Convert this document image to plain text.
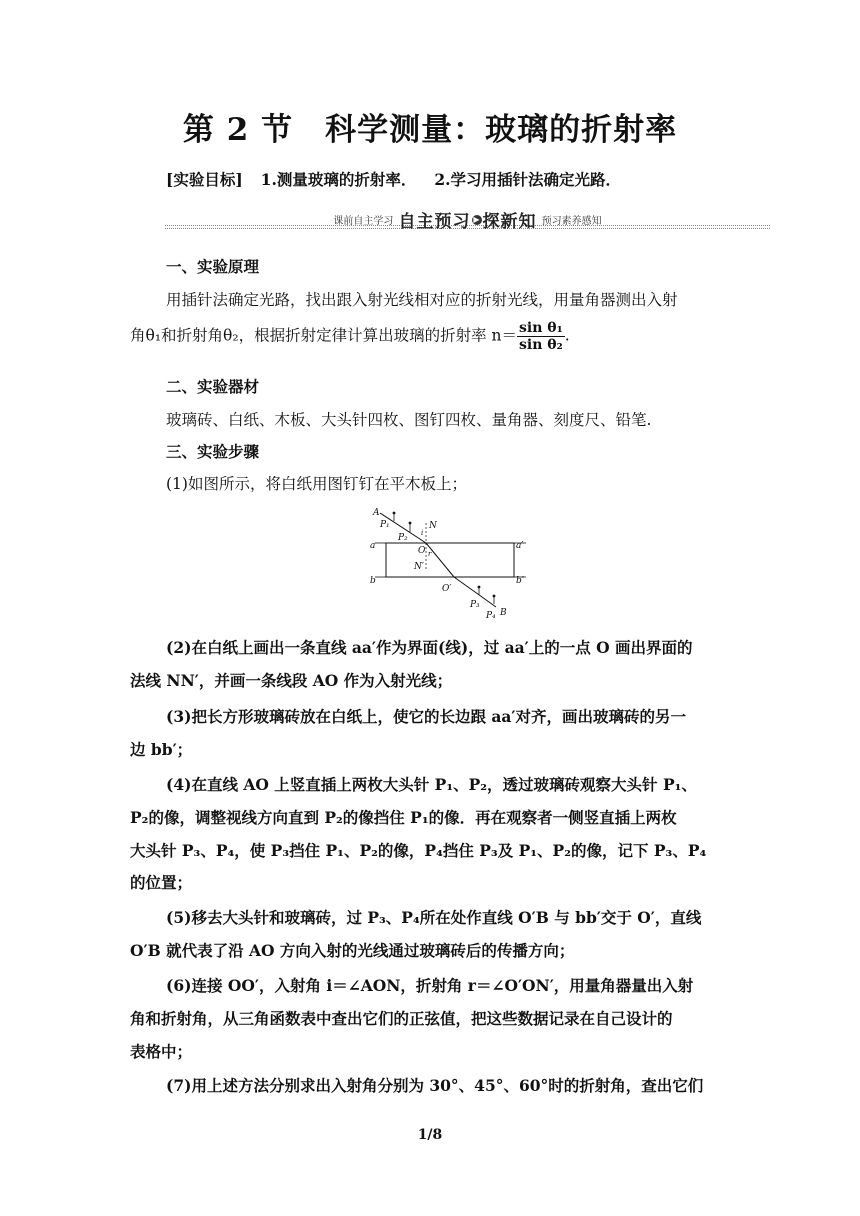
第 2 节　科学测量：玻璃的折射率
[实验目标] 1.测量玻璃的折射率． 2.学习用插针法确定光路．
课前自主学习 自主预习 ▶ 探新知 预习素养感知
一、实验原理
用插针法确定光路，找出跟入射光线相对应的折射光线，用量角器测出入射
角θ₁和折射角θ₂，根据折射定律计算出玻璃的折射率 $n= \frac{\text{sin θ₁}}{\text{sin θ₂}}$ .
二、实验器材
玻璃砖、白纸、木板、大头针四枚、图钉四枚、量角器、刻度尺、铅笔.
三、实验步骤
(1)如图所示，将白纸用图钉钉在平木板上；
A
P₁
P₂ i
N
a	a′
O r
N′
b	b′
O′
P₃
P₄ B
(2)在白纸上画出一条直线 aa′作为界面(线)，过 aa′上的一点 O 画出界面的
法线 NN′，并画一条线段 AO 作为入射光线；
(3)把长方形玻璃砖放在白纸上，使它的长边跟 aa′对齐，画出玻璃砖的另一
边 bb′；
(4)在直线 AO 上竖直插上两枚大头针 P₁、P₂，透过玻璃砖观察大头针 P₁、
P₂的像，调整视线方向直到 P₂的像挡住 P₁的像．再在观察者一侧竖直插上两枚
大头针 P₃、P₄，使 P₃挡住 P₁、P₂的像，P₄挡住 P₃及 P₁、P₂的像，记下 P₃、P₄
的位置；
(5)移去大头针和玻璃砖，过 P₃、P₄所在处作直线 O′B 与 bb′交于 O′，直线
O′B 就代表了沿 AO 方向入射的光线通过玻璃砖后的传播方向；
(6)连接 OO′，入射角 i＝∠AON，折射角 r＝∠O′ON′，用量角器量出入射
角和折射角，从三角函数表中查出它们的正弦值，把这些数据记录在自己设计的
表格中；
(7)用上述方法分别求出入射角分别为 30°、45°、60°时的折射角，查出它们
1/8
